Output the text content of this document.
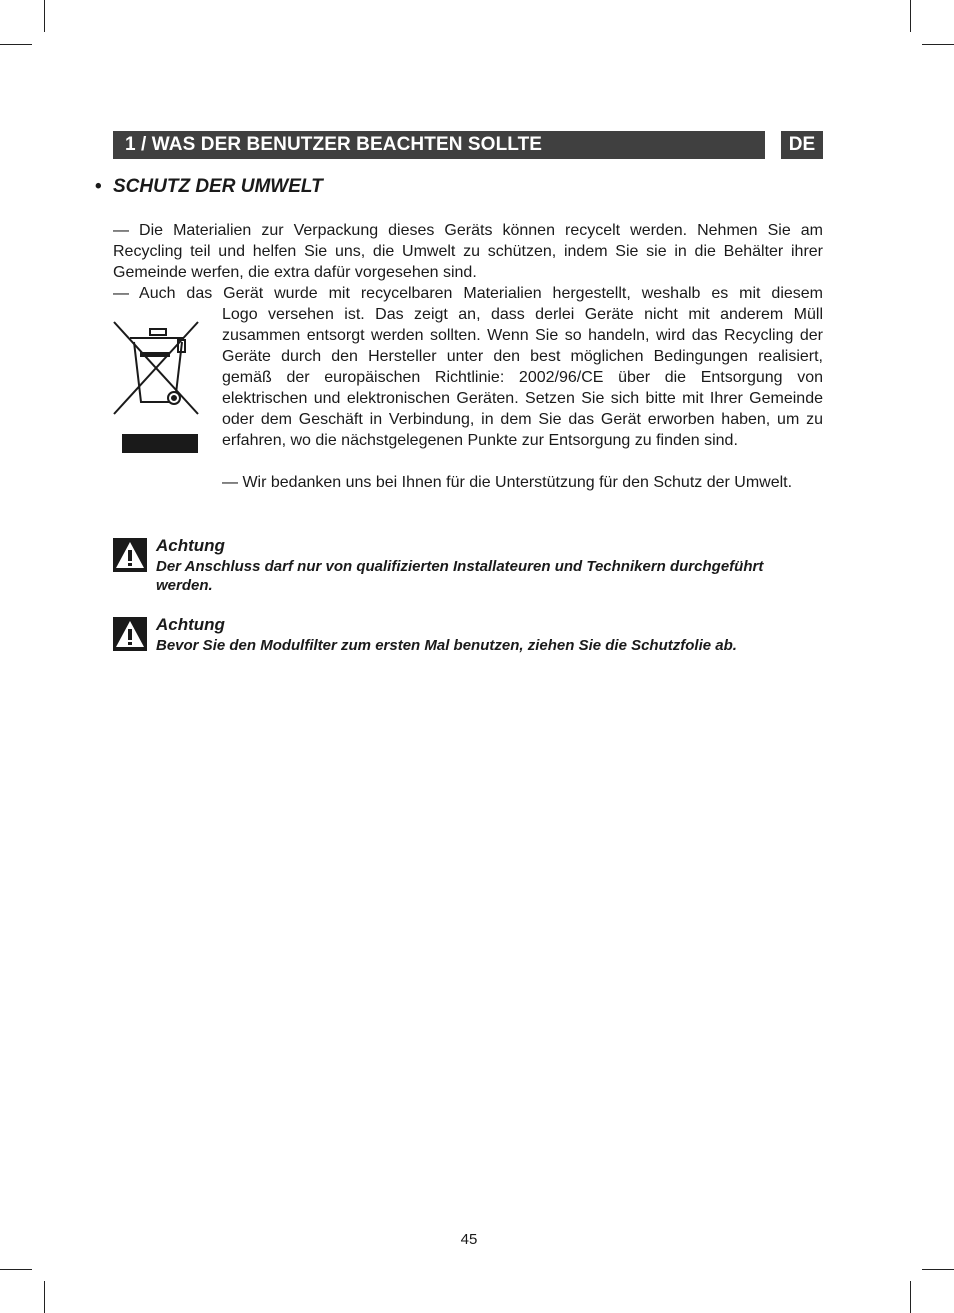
1 / WAS DER BENUTZER BEACHTEN SOLLTE	DE
• SCHUTZ DER UMWELT

— Die Materialien zur Verpackung dieses Geräts können recycelt werden. Nehmen Sie am Recycling teil und helfen Sie uns, die Umwelt zu schützen, indem Sie sie in die Behälter ihrer Gemeinde werfen, die extra dafür vorgesehen sind.

— Auch das Gerät wurde mit recycelbaren Materialien hergestellt, weshalb es mit diesem

Logo versehen ist. Das zeigt an, dass derlei Geräte nicht mit anderem Müll zusammen entsorgt werden sollten. Wenn Sie so handeln, wird das Recycling der Geräte durch den Hersteller unter den best möglichen Bedingungen realisiert, gemäß der europäischen Richtlinie: 2002/96/CE über die Entsorgung von elektrischen und elektronischen Geräten. Setzen Sie sich bitte mit Ihrer Gemeinde oder dem Geschäft in Verbindung, in dem Sie das Gerät erworben haben, um zu erfahren, wo die nächstgelegenen Punkte zur Entsorgung zu finden sind.

— Wir bedanken uns bei Ihnen für die Unterstützung für den Schutz der Umwelt.

Achtung

Der Anschluss darf nur von qualifizierten Installateuren und Technikern durchgeführt werden.

Achtung

Bevor Sie den Modulfilter zum ersten Mal benutzen, ziehen Sie die Schutzfolie ab.

45
